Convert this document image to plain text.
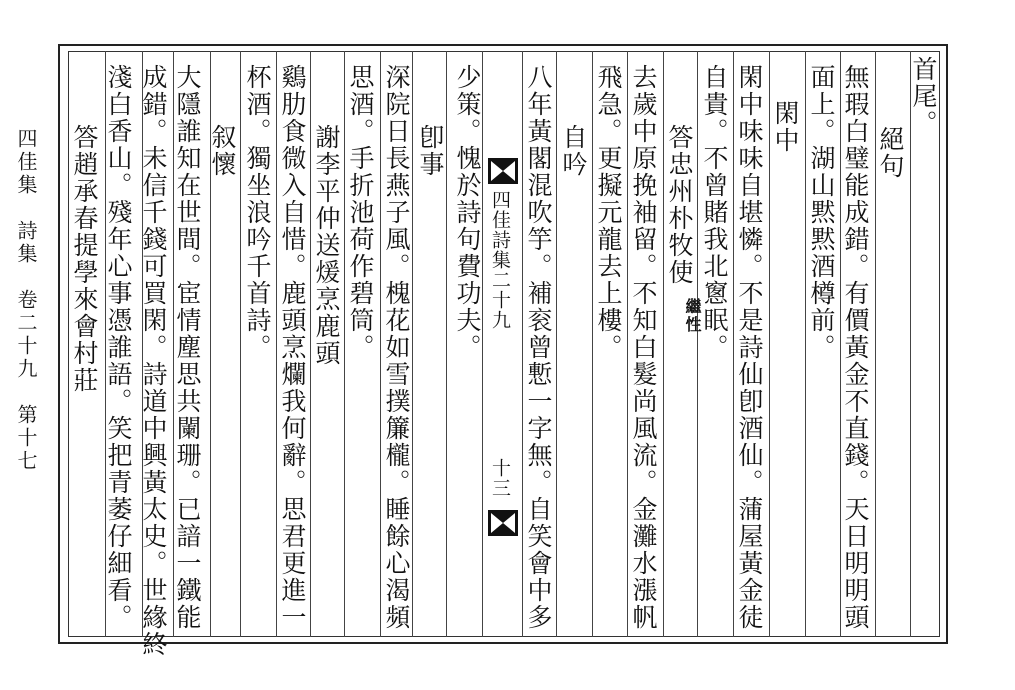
四佳集　詩集　卷二十九　第十七
首尾。
無瑕白璧能成錯。有價黃金不直錢。天日明明頭
面上。湖山黙黙酒樽前。 絕句
閑中
閑中味味自堪憐。不是詩仙卽酒仙。蒲屋黃金徒
自貴。不曾賭我北窻眠。
答忠州朴牧使
繼性
去歲中原挽袖留。不知白髮尚風流。金灘水漲帆
飛急。更擬元龍去上樓。
自吟
八年黃閣混吹竽。補衮曾慙一字無。自笑會中多
四佳詩集二十九
十三
少策。愧於詩句費功夫。
卽事
深院日長燕子風。槐花如雪撲簾櫳。睡餘心渴頻
思酒。手折池荷作碧筒。
謝李平仲送煖烹鹿頭
鷄肋食微入自惜。鹿頭烹爛我何辭。思君更進一
杯酒。獨坐浪吟千首詩。
叙懷
大隱誰知在世間。宦情塵思共闌珊。已諳一鐵能
成錯。未信千錢可買閑。詩道中興黃太史。世緣終
淺白香山。殘年心事憑誰語。笑把青萎仔細看。
答趙承春提學來會村莊
